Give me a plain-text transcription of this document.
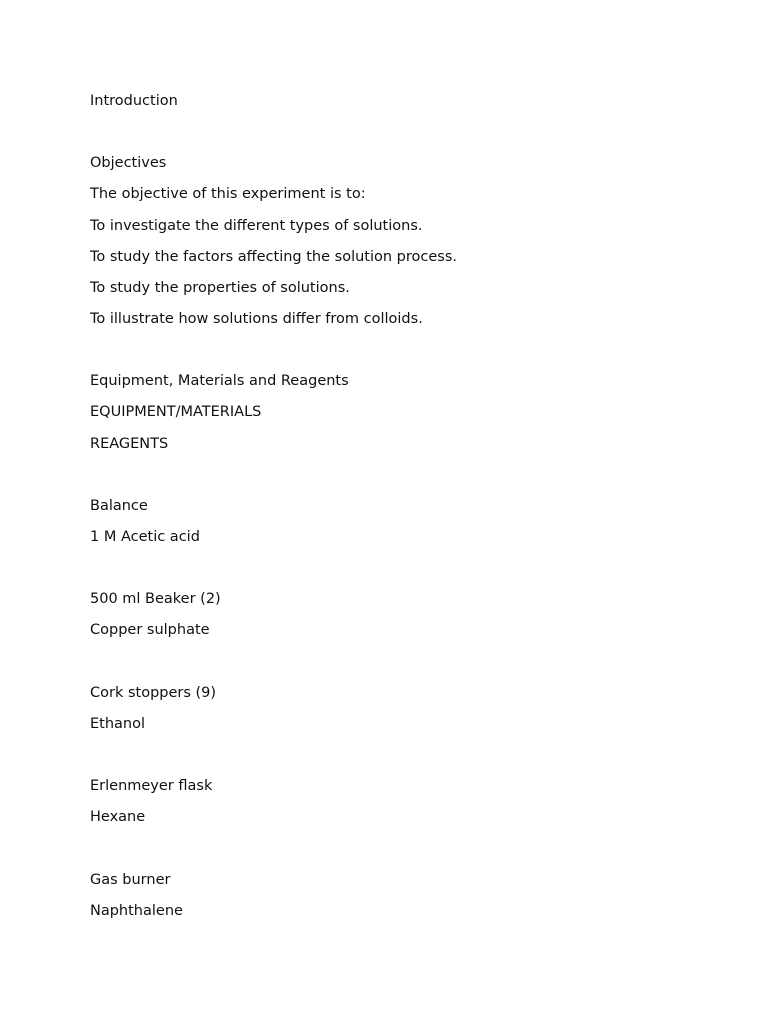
Introduction
Objectives
The objective of this experiment is to:
To investigate the different types of solutions.
To study the factors affecting the solution process.
To study the properties of solutions.
To illustrate how solutions differ from colloids.
Equipment, Materials and Reagents
EQUIPMENT/MATERIALS
REAGENTS
Balance
1 M Acetic acid
500 ml Beaker (2)
Copper sulphate
Cork stoppers (9)
Ethanol
Erlenmeyer flask
Hexane
Gas burner
Naphthalene
